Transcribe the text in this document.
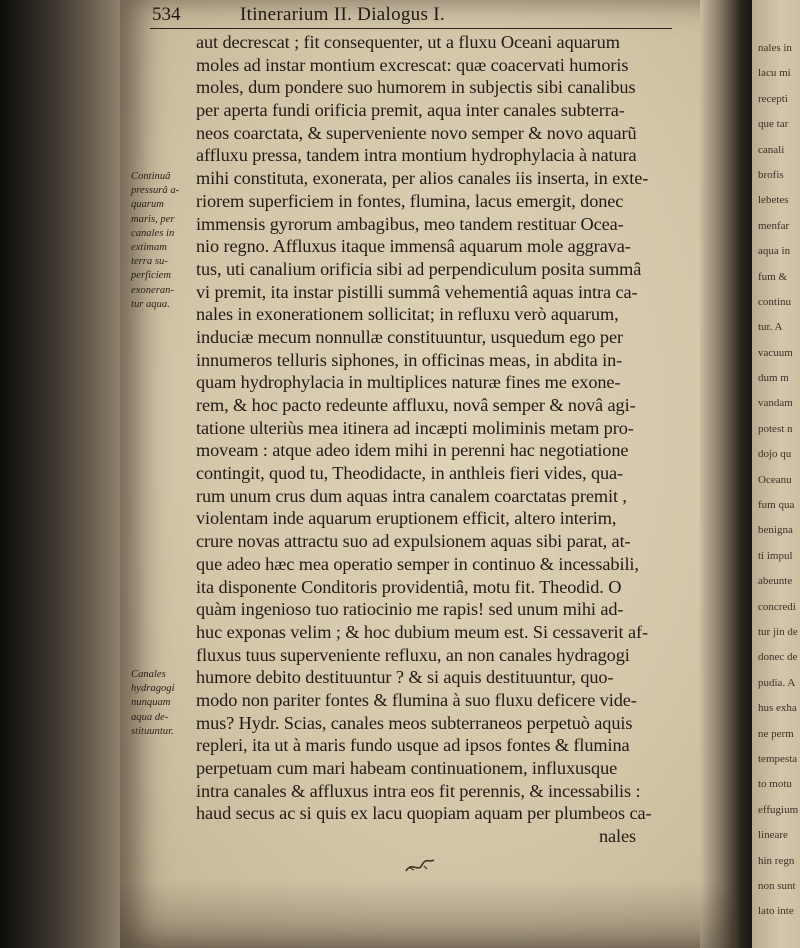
534	Itinerarium II. Dialogus I.
aut decrescat ; fit consequenter, ut a fluxu Oceani aquarum
moles ad instar montium excrescat: quæ coacervati humoris
moles, dum pondere suo humorem in subjectis sibi canalibus
per aperta fundi orificia premit, aqua inter canales subterra-
neos coarctata, & superveniente novo semper & novo aquarũ
affluxu pressa, tandem intra montium hydrophylacia à natura
mihi constituta, exonerata, per alios canales iis inserta, in exte-
riorem superficiem in fontes, flumina, lacus emergit, donec
immensis gyrorum ambagibus, meo tandem restituar Ocea-
nio regno. Affluxus itaque immensâ aquarum mole aggrava-
tus, uti canalium orificia sibi ad perpendiculum posita summâ
vi premit, ita instar pistilli summâ vehementiâ aquas intra ca-
nales in exonerationem sollicitat; in refluxu verò aquarum,
induciæ mecum nonnullæ constituuntur, usquedum ego per
innumeros telluris siphones, in officinas meas, in abdita in-
quam hydrophylacia in multiplices naturæ fines me exone-
rem, & hoc pacto redeunte affluxu, novâ semper & novâ agi-
tatione ulteriùs mea itinera ad incæpti moliminis metam pro-
moveam : atque adeo idem mihi in perenni hac negotiatione
contingit, quod tu, Theodidacte, in anthleis fieri vides, qua-
rum unum crus dum aquas intra canalem coarctatas premit ,
violentam inde aquarum eruptionem efficit, altero interim,
crure novas attractu suo ad expulsionem aquas sibi parat, at-
que adeo hæc mea operatio semper in continuo & incessabili,
ita disponente Conditoris providentiâ, motu fit. Theodid. O
quàm ingenioso tuo ratiocinio me rapis! sed unum mihi ad-
huc exponas velim ; & hoc dubium meum est. Si cessaverit af-
fluxus tuus superveniente refluxu, an non canales hydragogi
humore debito destituuntur ? & si aquis destituuntur, quo-
modo non pariter fontes & flumina à suo fluxu deficere vide-
mus? Hydr. Scias, canales meos subterraneos perpetuò aquis
repleri, ita ut à maris fundo usque ad ipsos fontes & flumina
perpetuam cum mari habeam continuationem, influxusque
intra canales & affluxus intra eos fit perennis, & incessabilis :
haud secus ac si quis ex lacu quopiam aquam per plumbeos ca-
nales
Continuâ
pressurâ a-
quarum
maris, per
canales in
extimam
terra su-
perficiem
exoneran-
tur aqua.
Canales
hydragogi
nunquam
aqua de-
stituuntur.
nales in
lacu mi
recepti
que tar
canali
brofis
lebetes
menfar
aqua in
fum &
continu
tur. A
vacuum
dum m
vandam
potest n
dojo qu
Oceanu
fum qua
benigna
ti impul
abeunte
concredi
tur jin de
donec de
pudia. A
hus exha
ne perm
tempesta
to motu
effugium
lineare
hin regn
non sunt
lato inte
